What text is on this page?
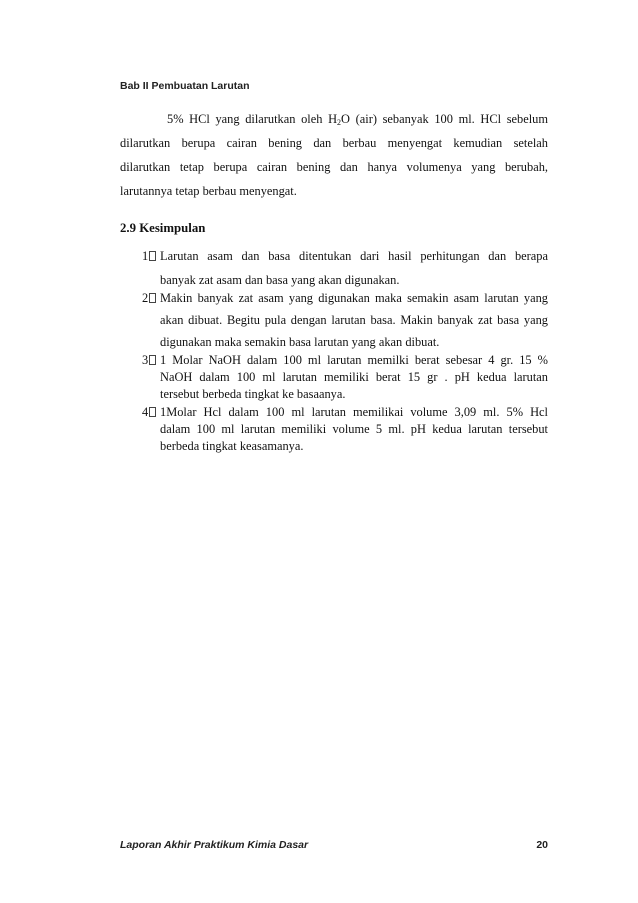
Bab II Pembuatan Larutan
5% HCl yang dilarutkan oleh $H_2O$ (air) sebanyak 100 ml. HCl sebelum
dilarutkan berupa cairan bening dan berbau menyengat kemudian setelah
dilarutkan tetap berupa cairan bening dan hanya volumenya yang berubah,
larutannya tetap berbau menyengat.
2.9 Kesimpulan
1 Larutan asam dan basa ditentukan dari hasil perhitungan dan berapa
banyak zat asam dan basa yang akan digunakan.
2 Makin banyak zat asam yang digunakan maka semakin asam larutan yang
akan dibuat. Begitu pula dengan larutan basa. Makin banyak zat basa yang
digunakan maka semakin basa larutan yang akan dibuat.
3 1 Molar NaOH dalam 100 ml larutan memilki berat sebesar 4 gr. 15 %
NaOH dalam 100 ml larutan memiliki berat 15 gr . pH kedua larutan
tersebut berbeda tingkat ke basaanya.
4 1Molar Hcl dalam 100 ml larutan memilikai volume 3,09 ml. 5% Hcl
dalam 100 ml larutan memiliki volume 5 ml. pH kedua larutan tersebut
berbeda tingkat keasamanya.
Laporan Akhir Praktikum Kimia Dasar	20
